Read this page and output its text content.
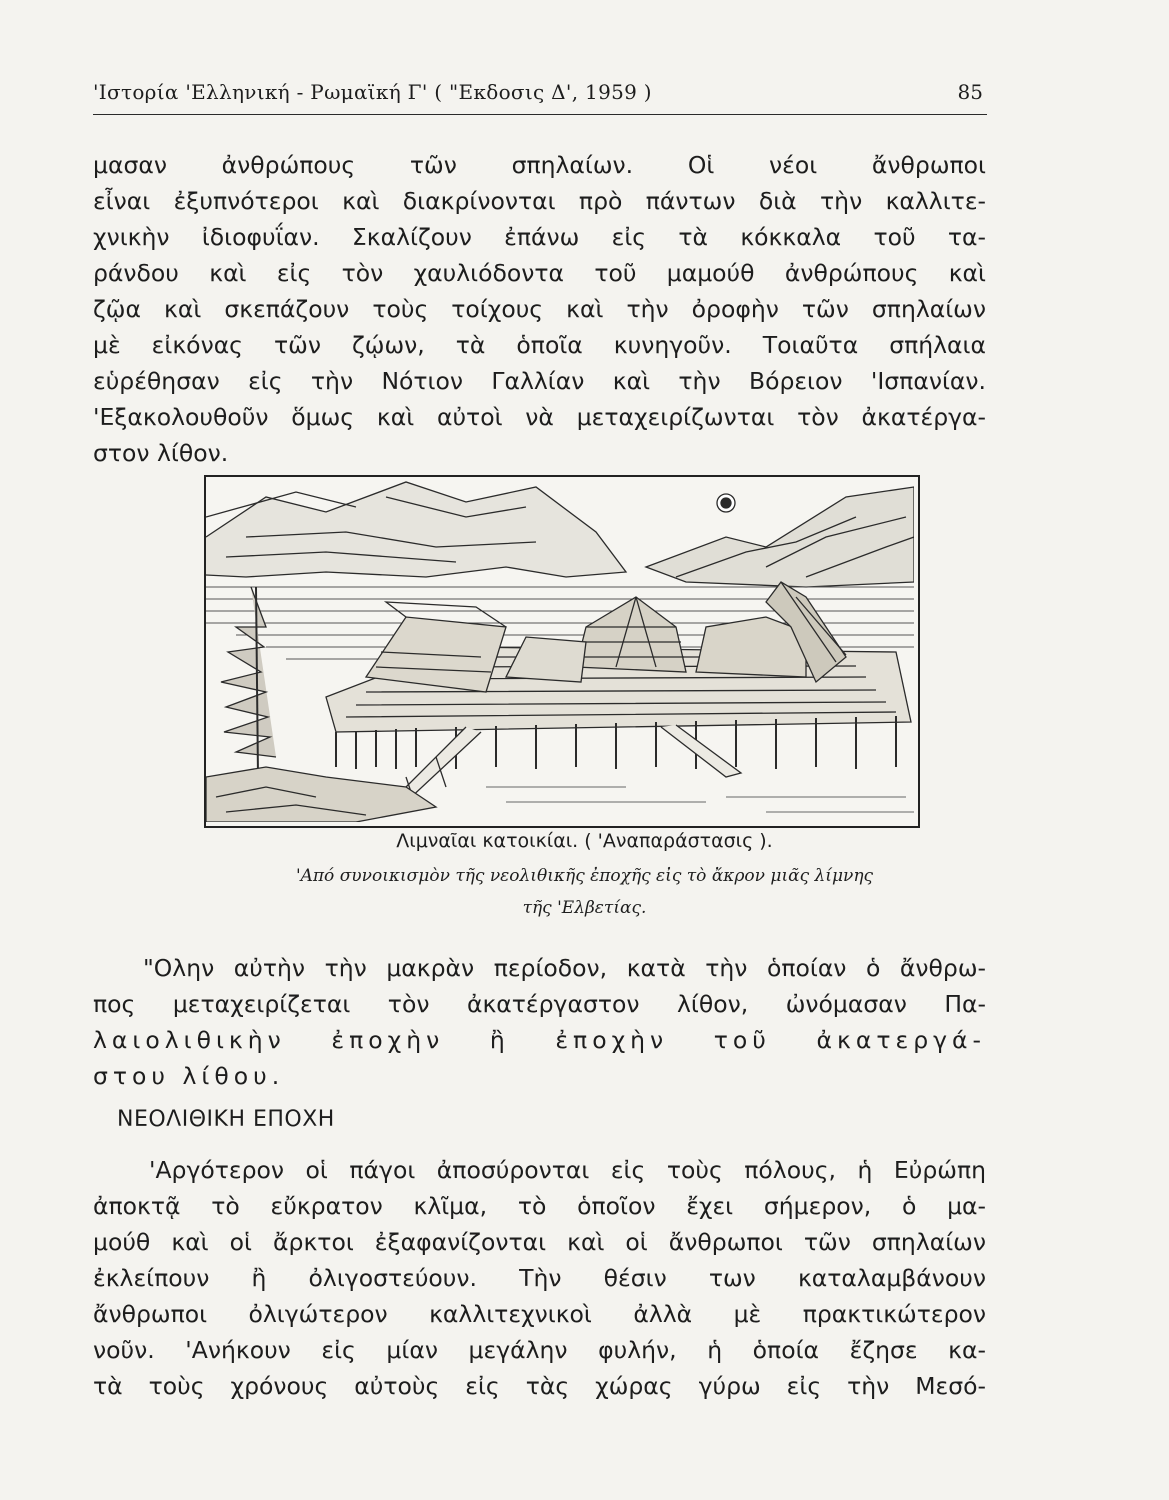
'Ιστορία 'Ελληνική - Ρωμαϊκή Γ' ( "Εκδοσις Δ', 1959 )	85
μασαν ἀνθρώπους τῶν σπηλαίων. Οἱ νέοι ἄνθρωποι
εἶναι ἐξυπνότεροι καὶ διακρίνονται πρὸ πάντων διὰ τὴν καλλιτε-
χνικὴν ἰδιοφυΐαν. Σκαλίζουν ἐπάνω εἰς τὰ κόκκαλα τοῦ τα-
ράνδου καὶ εἰς τὸν χαυλιόδοντα τοῦ μαμούθ ἀνθρώπους καὶ
ζῷα καὶ σκεπάζουν τοὺς τοίχους καὶ τὴν ὀροφὴν τῶν σπηλαίων
μὲ εἰκόνας τῶν ζῴων, τὰ ὁποῖα κυνηγοῦν. Τοιαῦτα σπήλαια
εὑρέθησαν εἰς τὴν Νότιον Γαλλίαν καὶ τὴν Βόρειον 'Ισπανίαν.
'Εξακολουθοῦν ὅμως καὶ αὐτοὶ νὰ μεταχειρίζωνται τὸν ἀκατέργα-
στον λίθον.
Λιμναῖαι κατοικίαι. ( 'Αναπαράστασις ).
'Από συνοικισμὸν τῆς νεολιθικῆς ἐποχῆς εἰς τὸ ἄκρον μιᾶς λίμνης
τῆς 'Ελβετίας.
"Ολην αὐτὴν τὴν μακρὰν περίοδον, κατὰ τὴν ὁποίαν ὁ ἄνθρω-
πος μεταχειρίζεται τὸν ἀκατέργαστον λίθον, ὠνόμασαν Πα-
λαιολιθικὴν ἐποχὴν ἢ ἐποχὴν τοῦ ἀκατεργά-
στου λίθου.
ΝΕΟΛΙΘΙΚΗ ΕΠΟΧΗ
'Αργότερον οἱ πάγοι ἀποσύρονται εἰς τοὺς πόλους, ἡ Εὐρώπη
ἀποκτᾷ τὸ εὔκρατον κλῖμα, τὸ ὁποῖον ἔχει σήμερον, ὁ μα-
μούθ καὶ οἱ ἄρκτοι ἐξαφανίζονται καὶ οἱ ἄνθρωποι τῶν σπηλαίων
ἐκλείπουν ἢ ὀλιγοστεύουν. Τὴν θέσιν των καταλαμβάνουν
ἄνθρωποι ὀλιγώτερον καλλιτεχνικοὶ ἀλλὰ μὲ πρακτικώτερον
νοῦν. 'Ανήκουν εἰς μίαν μεγάλην φυλήν, ἡ ὁποία ἔζησε κα-
τὰ τοὺς χρόνους αὐτοὺς εἰς τὰς χώρας γύρω εἰς τὴν Μεσό-
